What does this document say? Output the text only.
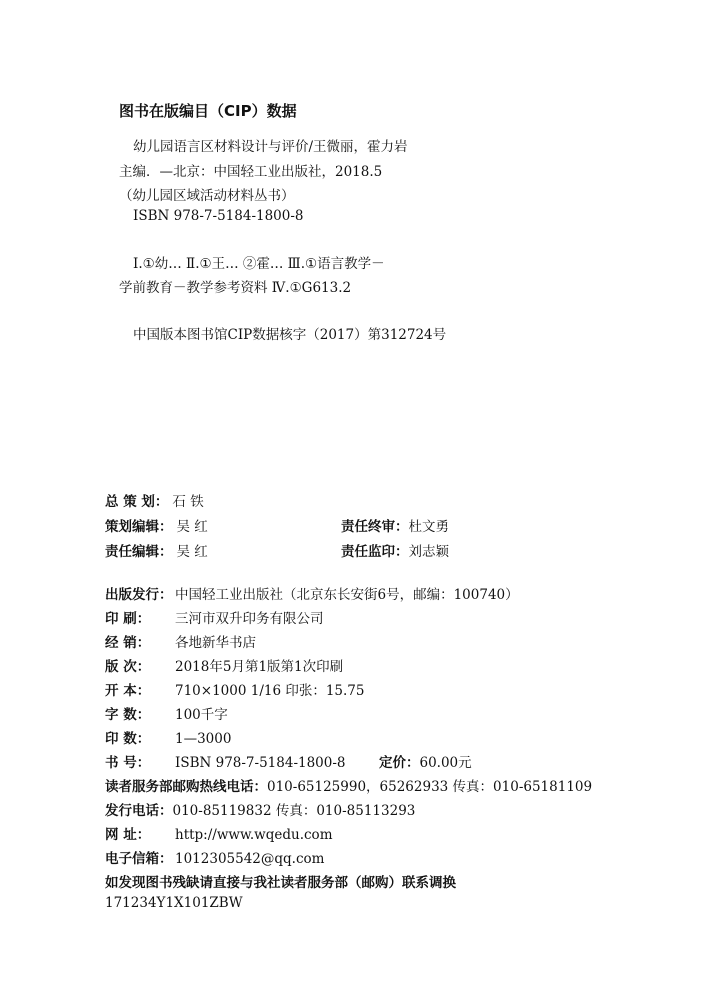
图书在版编目（CIP）数据
幼儿园语言区材料设计与评价/王微丽，霍力岩
主编．—北京：中国轻工业出版社，2018.5
（幼儿园区域活动材料丛书）
ISBN 978-7-5184-1800-8
Ⅰ.①幼… Ⅱ.①王… ②霍… Ⅲ.①语言教学－
学前教育－教学参考资料 Ⅳ.①G613.2
中国版本图书馆CIP数据核字（2017）第312724号
总 策 划： 石 铁
策划编辑： 吴 红	责任终审：杜文勇
责任编辑： 吴 红	责任监印：刘志颖
出版发行： 中国轻工业出版社（北京东长安街6号，邮编：100740）
印 刷： 三河市双升印务有限公司
经 销： 各地新华书店
版 次： 2018年5月第1版第1次印刷
开 本： 710×1000 1/16 印张：15.75
字 数： 100千字
印 数： 1—3000
书 号： ISBN 978-7-5184-1800-8 定价：60.00元
读者服务部邮购热线电话：010-65125990，65262933 传真：010-65181109
发行电话：010-85119832 传真：010-85113293
网 址： http://www.wqedu.com
电子信箱： 1012305542@qq.com
如发现图书残缺请直接与我社读者服务部（邮购）联系调换
171234Y1X101ZBW
